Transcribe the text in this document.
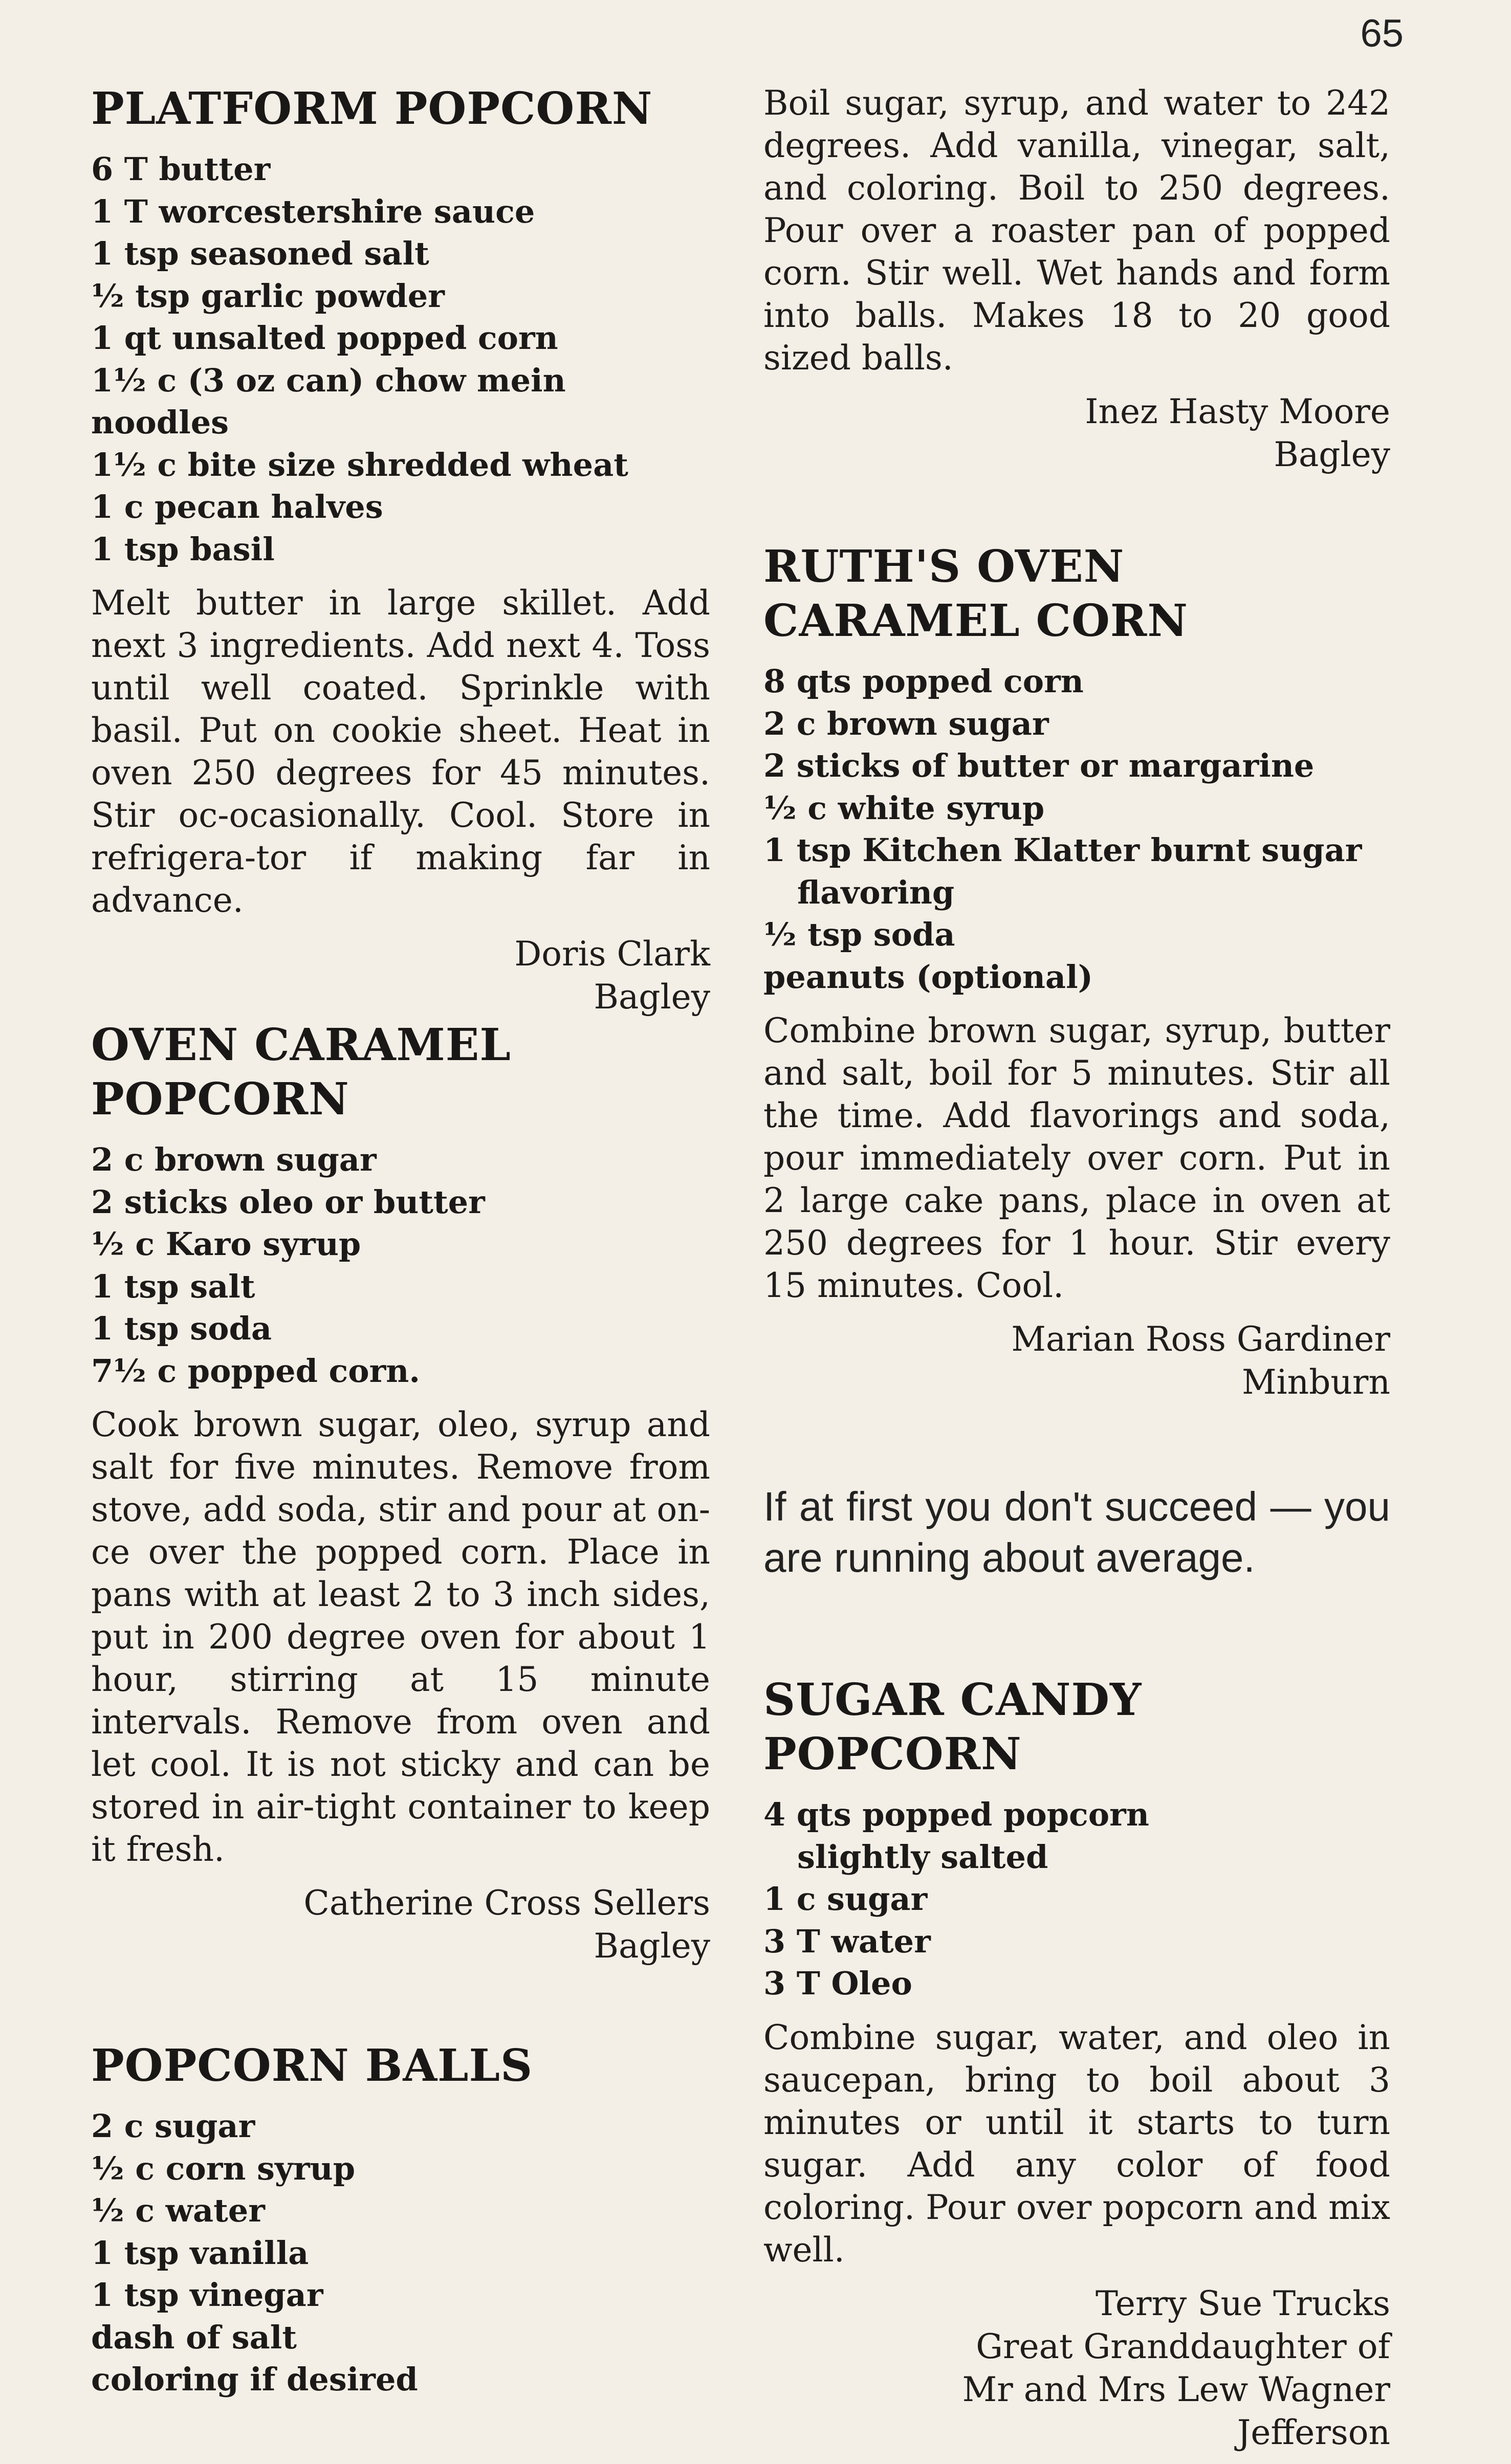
65
PLATFORM POPCORN
6 T butter
1 T worcestershire sauce
1 tsp seasoned salt
½ tsp garlic powder
1 qt unsalted popped corn
1½ c (3 oz can) chow mein noodles
1½ c bite size shredded wheat
1 c pecan halves
1 tsp basil

Melt butter in large skillet. Add next 3 ingredients. Add next 4. Toss until well coated. Sprinkle with basil. Put on cookie sheet. Heat in oven 250 degrees for 45 minutes. Stir oc-ocasionally. Cool. Store in refrigera-tor if making far in advance.

Doris Clark
Bagley
OVEN CARAMEL
POPCORN
2 c brown sugar
2 sticks oleo or butter
½ c Karo syrup
1 tsp salt
1 tsp soda
7½ c popped corn.

Cook brown sugar, oleo, syrup and salt for five minutes. Remove from stove, add soda, stir and pour at on-ce over the popped corn. Place in pans with at least 2 to 3 inch sides, put in 200 degree oven for about 1 hour, stirring at 15 minute intervals. Remove from oven and let cool. It is not sticky and can be stored in air-tight container to keep it fresh.

Catherine Cross Sellers
Bagley
POPCORN BALLS
2 c sugar
½ c corn syrup
½ c water
1 tsp vanilla
1 tsp vinegar
dash of salt
coloring if desired

Boil sugar, syrup, and water to 242 degrees. Add vanilla, vinegar, salt, and coloring. Boil to 250 degrees. Pour over a roaster pan of popped corn. Stir well. Wet hands and form into balls. Makes 18 to 20 good sized balls.

Inez Hasty Moore
Bagley
RUTH'S OVEN
CARAMEL CORN
8 qts popped corn
2 c brown sugar
2 sticks of butter or margarine
½ c white syrup
1 tsp Kitchen Klatter burnt sugar
flavoring
½ tsp soda
peanuts (optional)

Combine brown sugar, syrup, butter and salt, boil for 5 minutes. Stir all the time. Add flavorings and soda, pour immediately over corn. Put in 2 large cake pans, place in oven at 250 degrees for 1 hour. Stir every 15 minutes. Cool.

Marian Ross Gardiner
Minburn

If at first you don't succeed — you are running about average.

SUGAR CANDY POPCORN
4 qts popped popcorn
slightly salted
1 c sugar
3 T water
3 T Oleo

Combine sugar, water, and oleo in saucepan, bring to boil about 3 minutes or until it starts to turn sugar. Add any color of food coloring. Pour over popcorn and mix well.

Terry Sue Trucks
Great Granddaughter of
Mr and Mrs Lew Wagner
Jefferson
